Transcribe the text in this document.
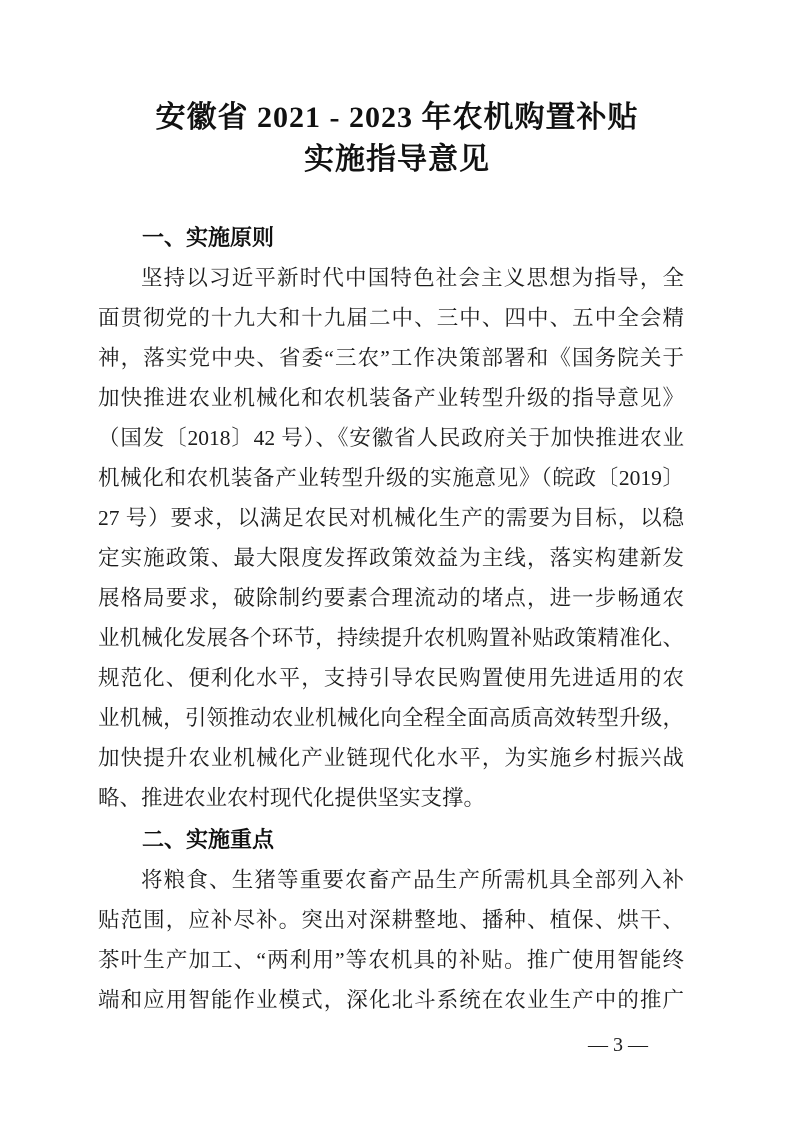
安徽省 2021 - 2023 年农机购置补贴
实施指导意见
一、实施原则
坚持以习近平新时代中国特色社会主义思想为指导，全
面贯彻党的十九大和十九届二中、三中、四中、五中全会精
神，落实党中央、省委“三农”工作决策部署和《国务院关于
加快推进农业机械化和农机装备产业转型升级的指导意见》
（国发〔2018〕42 号）、《安徽省人民政府关于加快推进农业
机械化和农机装备产业转型升级的实施意见》（皖政〔2019〕
27 号）要求，以满足农民对机械化生产的需要为目标，以稳
定实施政策、最大限度发挥政策效益为主线，落实构建新发
展格局要求，破除制约要素合理流动的堵点，进一步畅通农
业机械化发展各个环节，持续提升农机购置补贴政策精准化、
规范化、便利化水平，支持引导农民购置使用先进适用的农
业机械，引领推动农业机械化向全程全面高质高效转型升级，
加快提升农业机械化产业链现代化水平，为实施乡村振兴战
略、推进农业农村现代化提供坚实支撑。
二、实施重点
将粮食、生猪等重要农畜产品生产所需机具全部列入补
贴范围，应补尽补。突出对深耕整地、播种、植保、烘干、
茶叶生产加工、“两利用”等农机具的补贴。推广使用智能终
端和应用智能作业模式，深化北斗系统在农业生产中的推广
— 3 —
